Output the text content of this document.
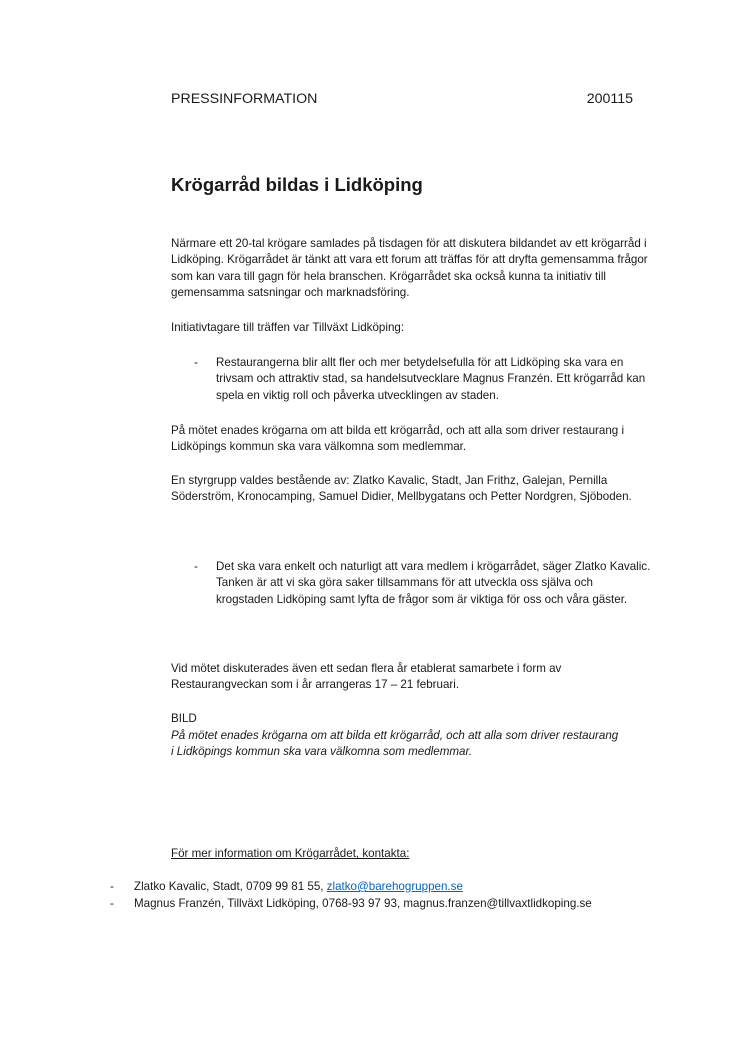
PRESSINFORMATION	200115
Krögarråd bildas i Lidköping
Närmare ett 20-tal krögare samlades på tisdagen för att diskutera bildandet av ett krögarråd i Lidköping. Krögarrådet är tänkt att vara ett forum att träffas för att dryfta gemensamma frågor som kan vara till gagn för hela branschen. Krögarrådet ska också kunna ta initiativ till gemensamma satsningar och marknadsföring.
Initiativtagare till träffen var Tillväxt Lidköping:
-	Restaurangerna blir allt fler och mer betydelsefulla för att Lidköping ska vara en trivsam och attraktiv stad, sa handelsutvecklare Magnus Franzén. Ett krögarråd kan spela en viktig roll och påverka utvecklingen av staden.
På mötet enades krögarna om att bilda ett krögarråd, och att alla som driver restaurang i Lidköpings kommun ska vara välkomna som medlemmar.
En styrgrupp valdes bestående av: Zlatko Kavalic, Stadt, Jan Frithz, Galejan, Pernilla Söderström, Kronocamping, Samuel Didier, Mellbygatans och Petter Nordgren, Sjöboden.
-	Det ska vara enkelt och naturligt att vara medlem i krögarrådet, säger Zlatko Kavalic. Tanken är att vi ska göra saker tillsammans för att utveckla oss själva och krogstaden Lidköping samt lyfta de frågor som är viktiga för oss och våra gäster.
Vid mötet diskuterades även ett sedan flera år etablerat samarbete i form av Restaurangveckan som i år arrangeras 17 – 21 februari.
BILD
På mötet enades krögarna om att bilda ett krögarråd, och att alla som driver restaurang i Lidköpings kommun ska vara välkomna som medlemmar.
För mer information om Krögarrådet, kontakta:
- Zlatko Kavalic, Stadt, 0709 99 81 55, zlatko@barehogruppen.se
- Magnus Franzén, Tillväxt Lidköping, 0768-93 97 93, magnus.franzen@tillvaxtlidkoping.se
